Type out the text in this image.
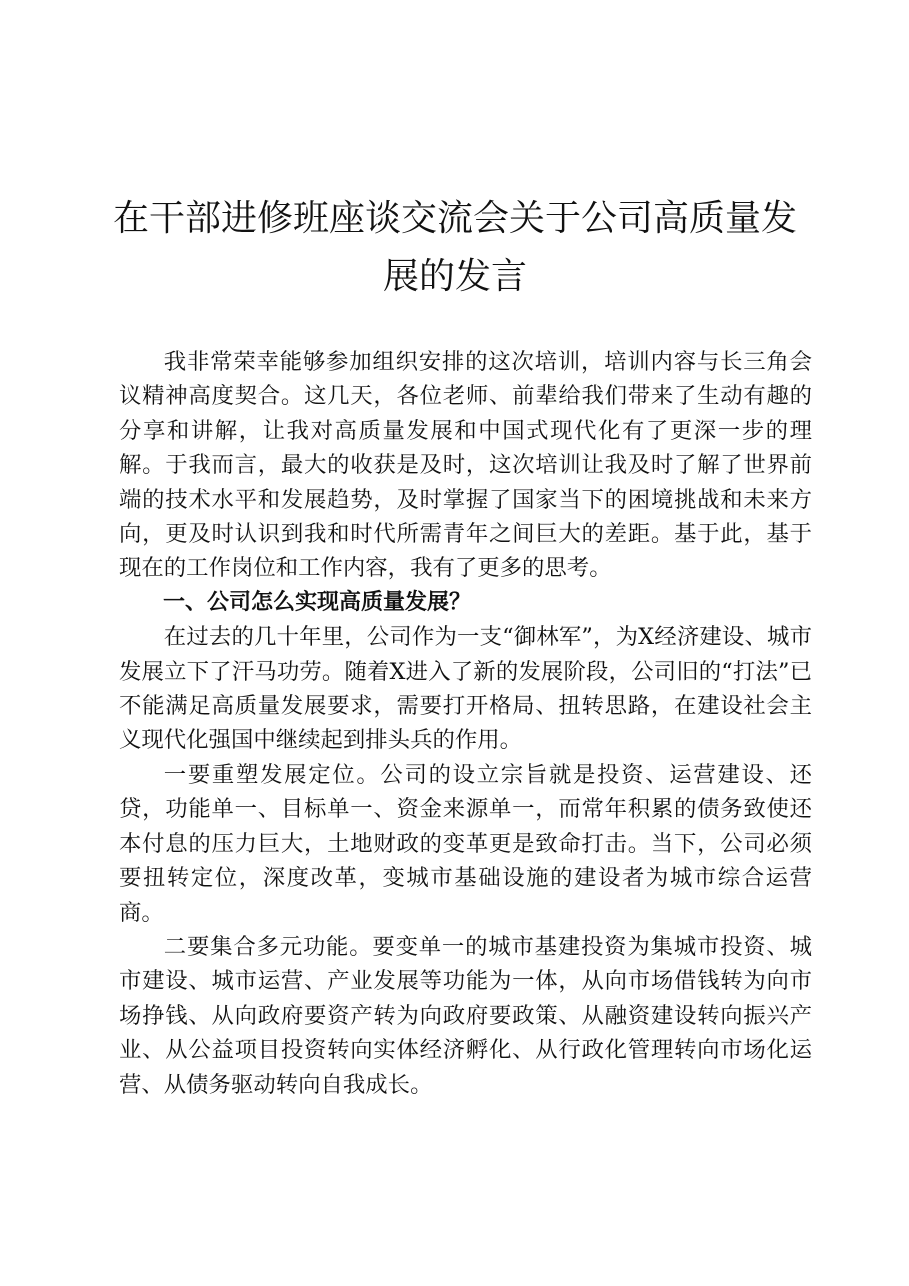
在干部进修班座谈交流会关于公司高质量发展的发言

我非常荣幸能够参加组织安排的这次培训，培训内容与长三角会议精神高度契合。这几天，各位老师、前辈给我们带来了生动有趣的分享和讲解，让我对高质量发展和中国式现代化有了更深一步的理解。于我而言，最大的收获是及时，这次培训让我及时了解了世界前端的技术水平和发展趋势，及时掌握了国家当下的困境挑战和未来方向，更及时认识到我和时代所需青年之间巨大的差距。基于此，基于现在的工作岗位和工作内容，我有了更多的思考。

一、公司怎么实现高质量发展？

在过去的几十年里，公司作为一支“御林军”，为X经济建设、城市发展立下了汗马功劳。随着X进入了新的发展阶段，公司旧的“打法”已不能满足高质量发展要求，需要打开格局、扭转思路，在建设社会主义现代化强国中继续起到排头兵的作用。

一要重塑发展定位。公司的设立宗旨就是投资、运营建设、还贷，功能单一、目标单一、资金来源单一，而常年积累的债务致使还本付息的压力巨大，土地财政的变革更是致命打击。当下，公司必须要扭转定位，深度改革，变城市基础设施的建设者为城市综合运营商。

二要集合多元功能。要变单一的城市基建投资为集城市投资、城市建设、城市运营、产业发展等功能为一体，从向市场借钱转为向市场挣钱、从向政府要资产转为向政府要政策、从融资建设转向振兴产业、从公益项目投资转向实体经济孵化、从行政化管理转向市场化运营、从债务驱动转向自我成长。
